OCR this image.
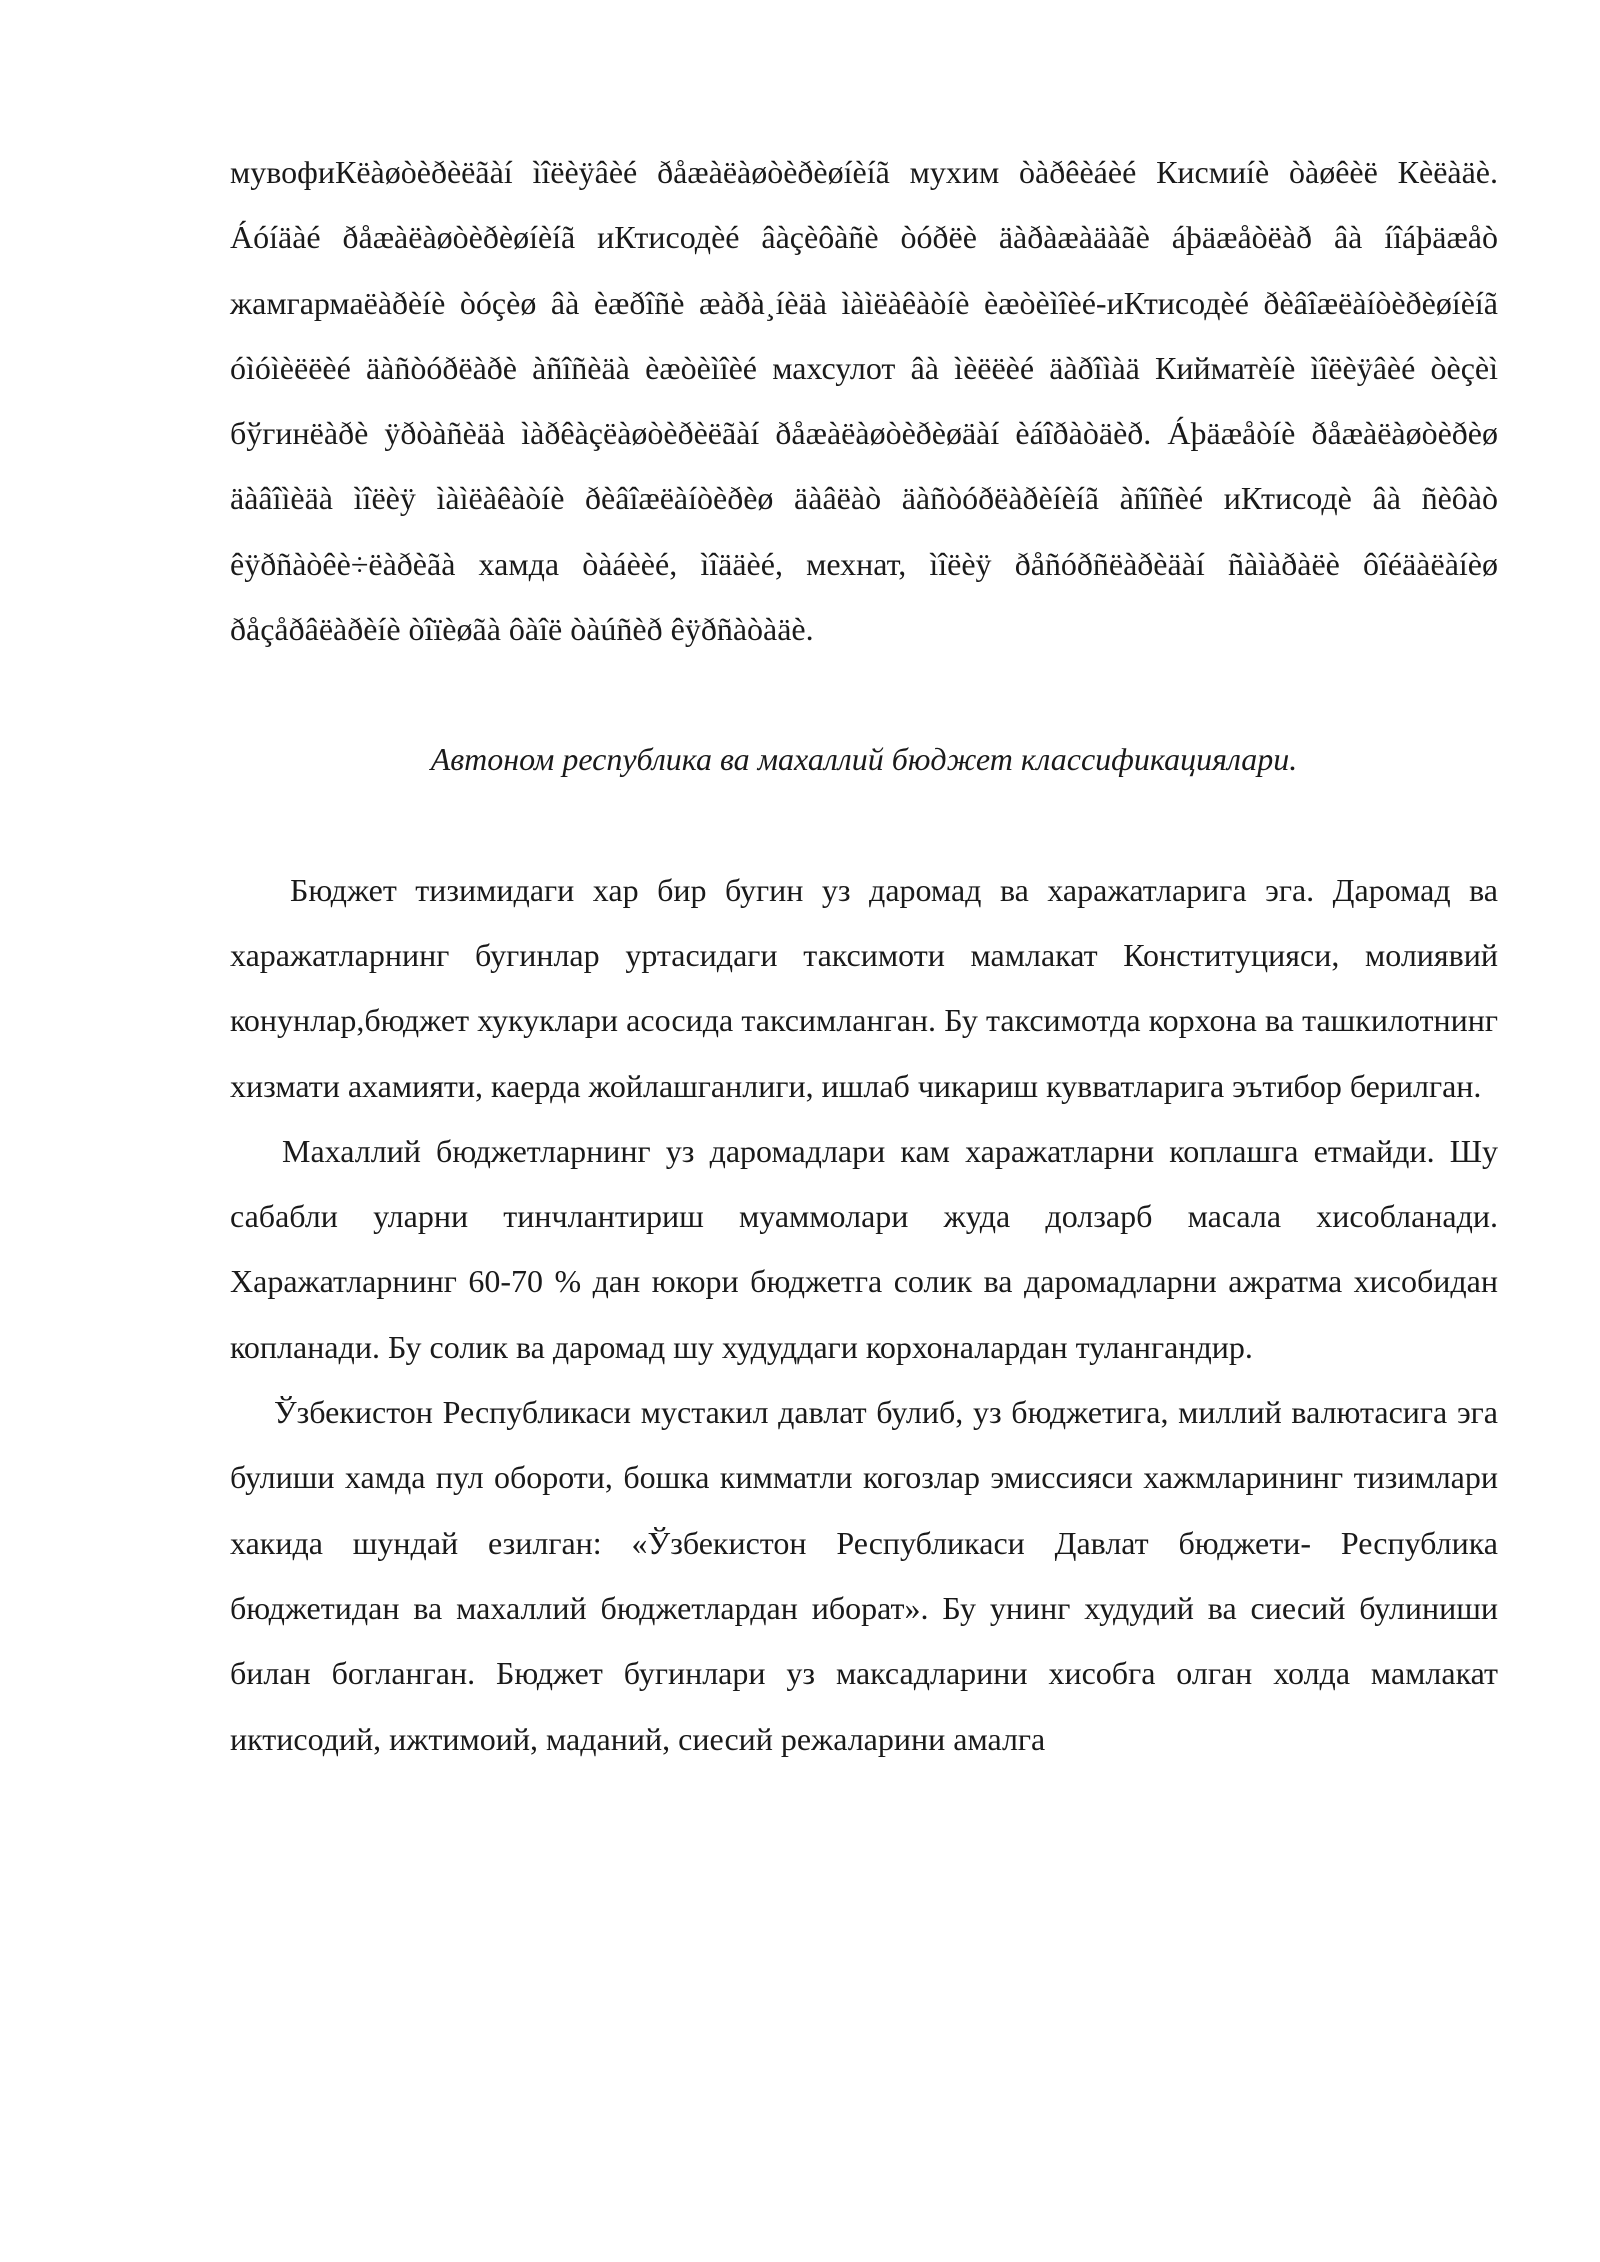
мувофиКëàøòèðèëãàí ìîëèÿâèé ðåæàëàøòèðèøíèíã мухим òàðêèáèé Кисмиíè òàøêèë Кèëàäè. Áóíäàé ðåæàëàøòèðèøíèíã иКтисодèé âàçèôàñè òóðëè äàðàæàäàãè áþäæåòëàð âà íîáþäæåò жамгармаëàðèíè òóçèø âà èæðîñè æàðà¸íèäà ìàìëàêàòíè èæòèìîèé-иКтисодèé ðèâîæëàíòèðèøíèíã óìóìèëëèé äàñòóðëàðè àñîñèäà èæòèìîèé махсулот âà ìèëëèé äàðîìàä Кийматèíè ìîëèÿâèé òèçèì бўгинëàðè ÿðòàñèäà ìàðêàçëàøòèðèëãàí ðåæàëàøòèðèøäàí èáîðàòäèð. Áþäæåòíè ðåæàëàøòèðèø äàâîìèäà ìîëèÿ ìàìëàêàòíè ðèâîæëàíòèðèø äàâëàò äàñòóðëàðèíèíã àñîñèé иКтисодè âà ñèôàò êÿðñàòêè÷ëàðèãà хамда òàáèèé, ìîääèé, мехнат, ìîëèÿ ðåñóðñëàðèäàí ñàìàðàëè ôîéäàëàíèø ðåçåðâëàðèíè òîïèøãà ôàîë òàúñèð êÿðñàòàäè.

Автоном республика ва махаллий бюджет классификациялари.

Бюджет тизимидаги хар бир бугин уз даромад ва харажатларига эга. Даромад ва харажатларнинг бугинлар уртасидаги таксимоти мамлакат Конституцияси, молиявий конунлар,бюджет хукуклари асосида таксимланган. Бу таксимотда корхона ва ташкилотнинг хизмати ахамияти, каерда жойлашганлиги, ишлаб чикариш кувватларига эътибор берилган.

Махаллий бюджетларнинг уз даромадлари кам харажатларни коплашга етмайди. Шу сабабли уларни тинчлантириш муаммолари жуда долзарб масала хисобланади. Харажатларнинг 60-70 % дан юкори бюджетга солик ва даромадларни ажратма хисобидан копланади. Бу солик ва даромад шу худуддаги корхоналардан тулангандир.

Ўзбекистон Республикаси мустакил давлат булиб, уз бюджетига, миллий валютасига эга булиши хамда пул обороти, бошка кимматли когозлар эмиссияси хажмларининг тизимлари хакида шундай езилган: «Ўзбекистон Республикаси Давлат бюджети- Республика бюджетидан ва махаллий бюджетлардан иборат». Бу унинг худудий ва сиесий булиниши билан богланган. Бюджет бугинлари уз максадларини хисобга олган холда мамлакат иктисодий, ижтимоий, маданий, сиесий режаларини амалга
